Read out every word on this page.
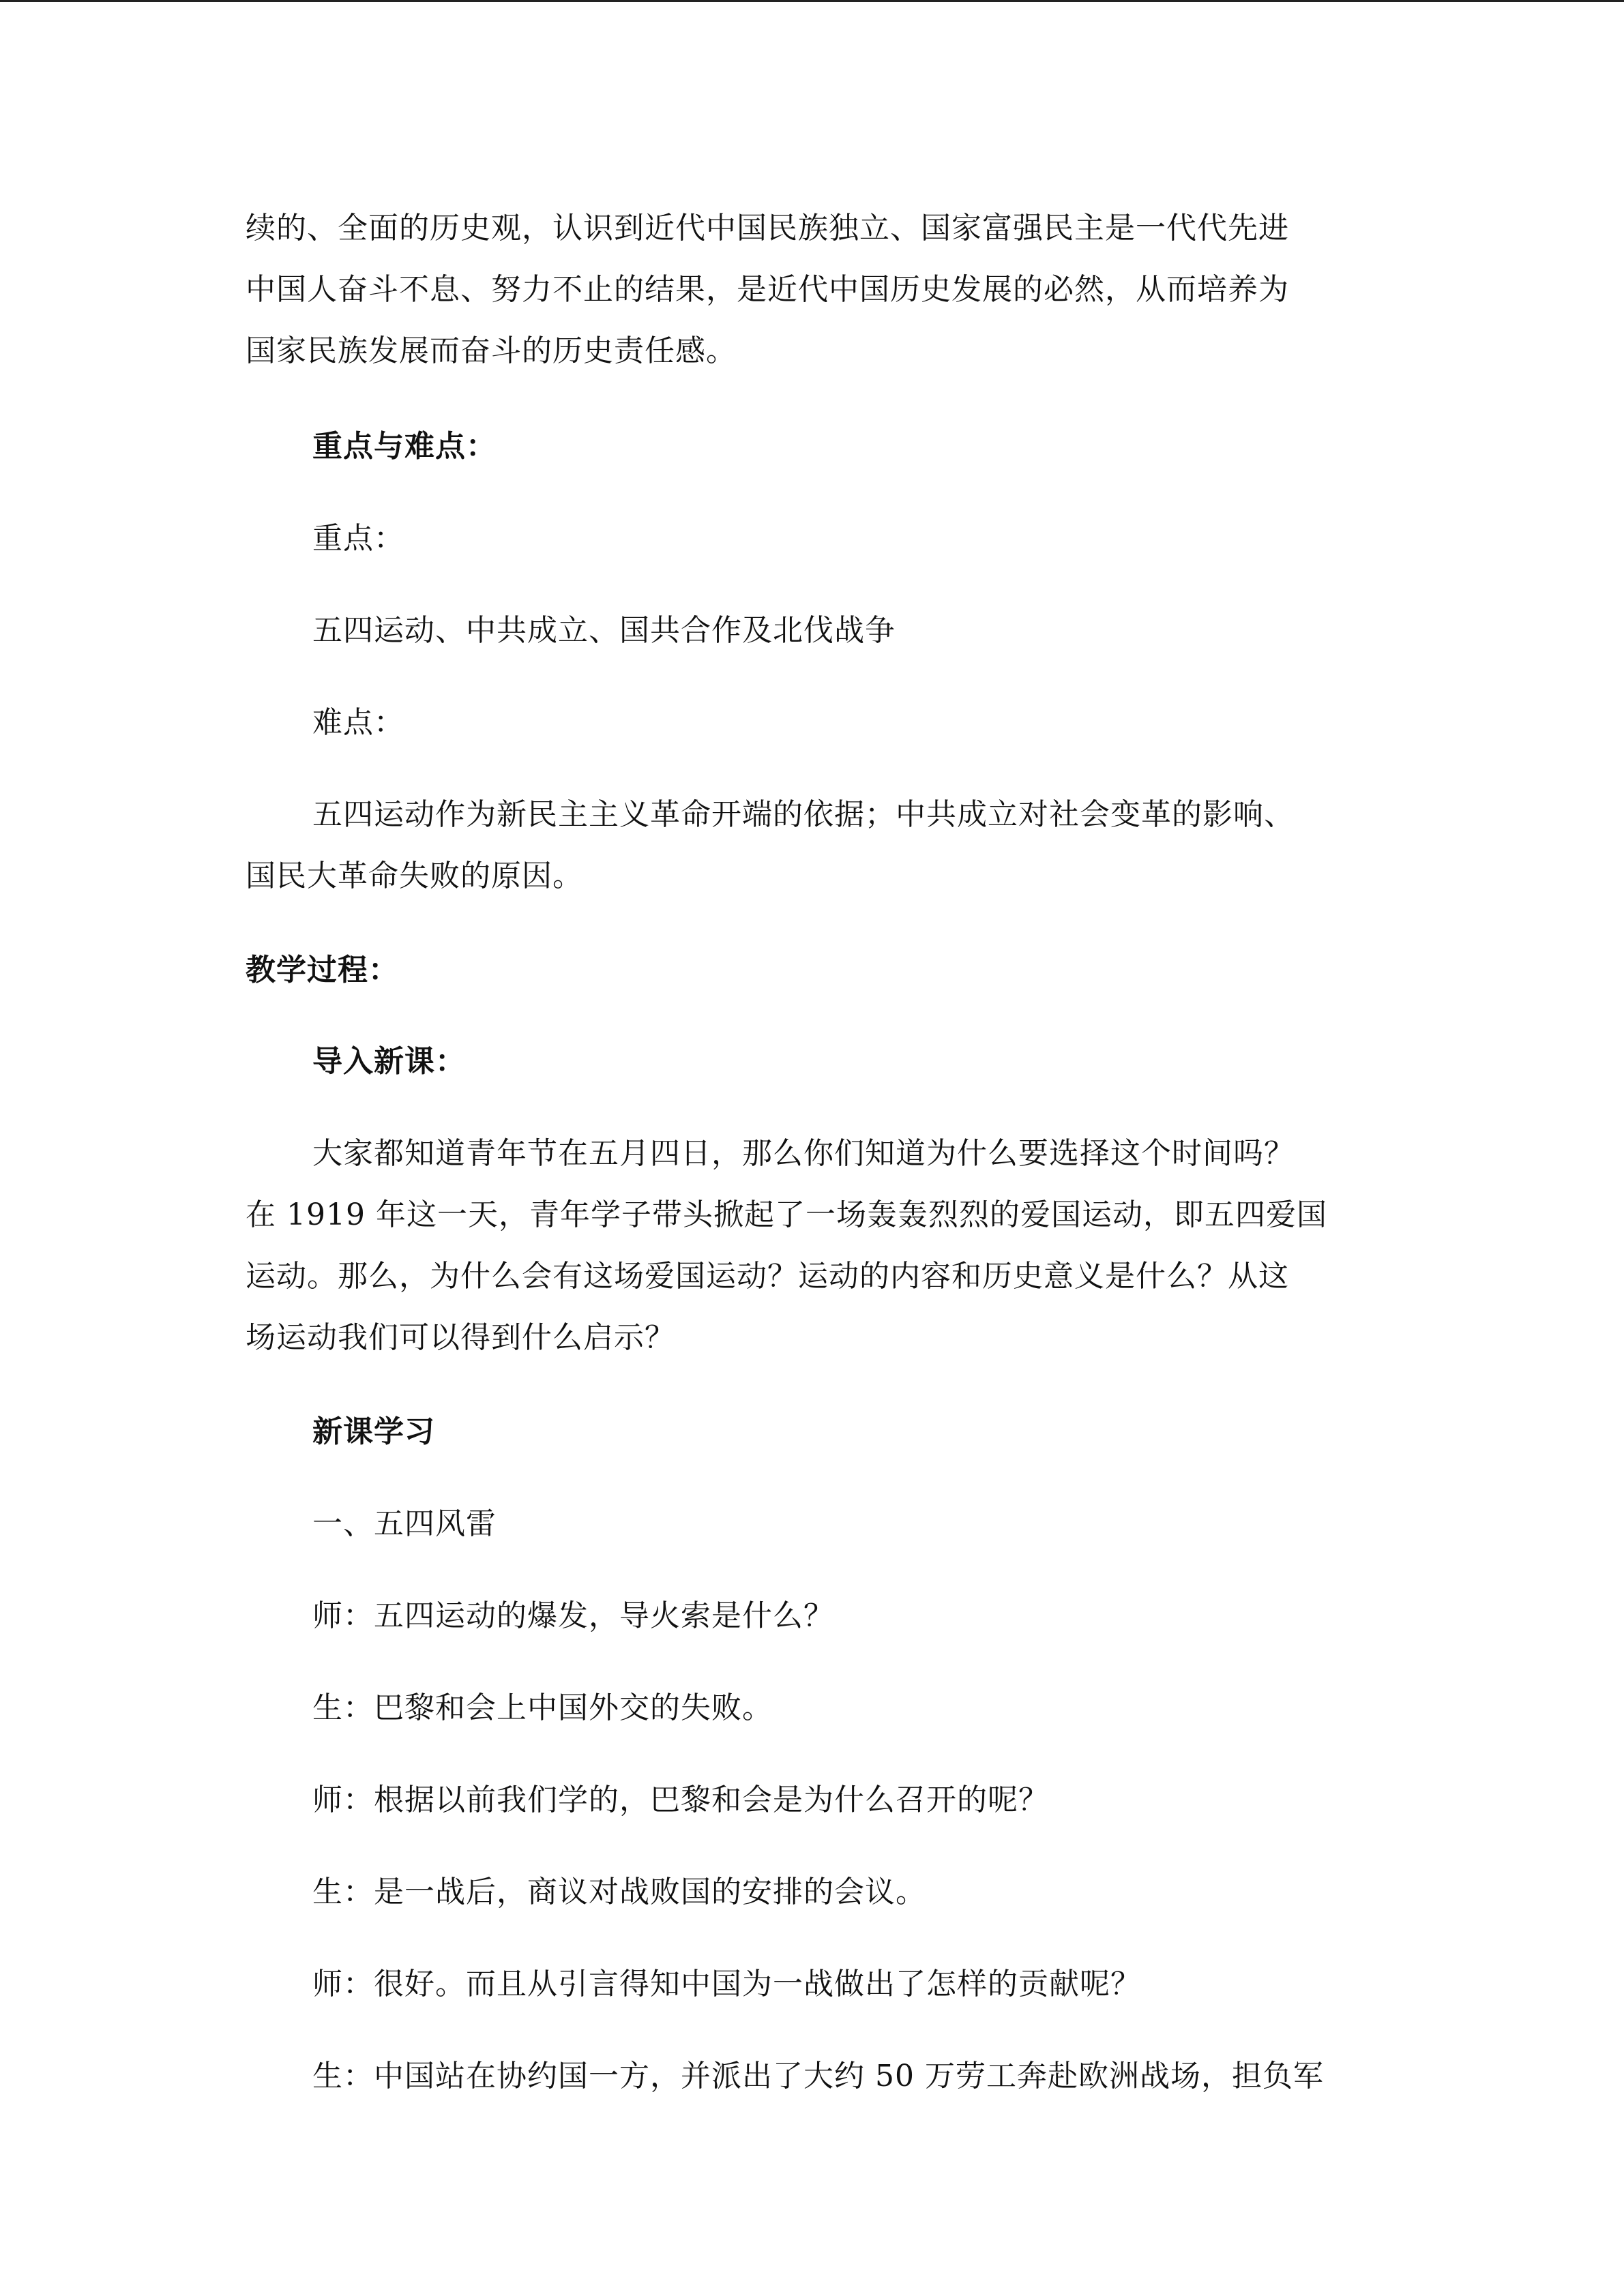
续的、全面的历史观，认识到近代中国民族独立、国家富强民主是一代代先进
中国人奋斗不息、努力不止的结果，是近代中国历史发展的必然，从而培养为
国家民族发展而奋斗的历史责任感。
重点与难点：
重点：
五四运动、中共成立、国共合作及北伐战争
难点：
五四运动作为新民主主义革命开端的依据；中共成立对社会变革的影响、
国民大革命失败的原因。
教学过程：
导入新课：
大家都知道青年节在五月四日，那么你们知道为什么要选择这个时间吗？
在 1919 年这一天，青年学子带头掀起了一场轰轰烈烈的爱国运动，即五四爱国
运动。那么，为什么会有这场爱国运动？运动的内容和历史意义是什么？从这
场运动我们可以得到什么启示？
新课学习
一、五四风雷
师：五四运动的爆发，导火索是什么？
生：巴黎和会上中国外交的失败。
师：根据以前我们学的，巴黎和会是为什么召开的呢？
生：是一战后，商议对战败国的安排的会议。
师：很好。而且从引言得知中国为一战做出了怎样的贡献呢？
生：中国站在协约国一方，并派出了大约 50 万劳工奔赴欧洲战场，担负军
